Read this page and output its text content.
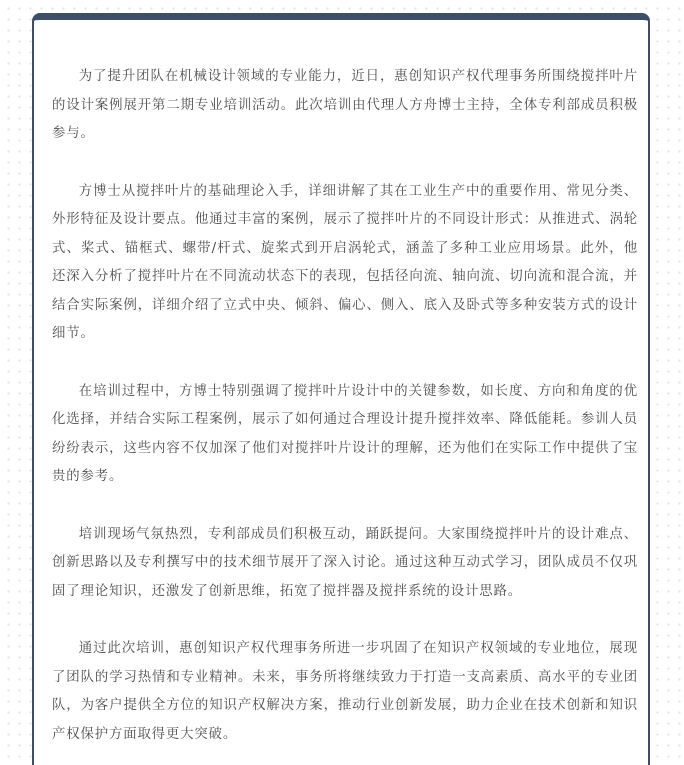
为了提升团队在机械设计领域的专业能力，近日，惠创知识产权代理事务所围绕搅拌叶片的设计案例展开第二期专业培训活动。此次培训由代理人方舟博士主持，全体专利部成员积极参与。

方博士从搅拌叶片的基础理论入手，详细讲解了其在工业生产中的重要作用、常见分类、外形特征及设计要点。他通过丰富的案例，展示了搅拌叶片的不同设计形式：从推进式、涡轮式、桨式、锚框式、螺带/杆式、旋桨式到开启涡轮式，涵盖了多种工业应用场景。此外，他还深入分析了搅拌叶片在不同流动状态下的表现，包括径向流、轴向流、切向流和混合流，并结合实际案例，详细介绍了立式中央、倾斜、偏心、侧入、底入及卧式等多种安装方式的设计细节。

在培训过程中，方博士特别强调了搅拌叶片设计中的关键参数，如长度、方向和角度的优化选择，并结合实际工程案例，展示了如何通过合理设计提升搅拌效率、降低能耗。参训人员纷纷表示，这些内容不仅加深了他们对搅拌叶片设计的理解，还为他们在实际工作中提供了宝贵的参考。

培训现场气氛热烈，专利部成员们积极互动，踊跃提问。大家围绕搅拌叶片的设计难点、创新思路以及专利撰写中的技术细节展开了深入讨论。通过这种互动式学习，团队成员不仅巩固了理论知识，还激发了创新思维，拓宽了搅拌器及搅拌系统的设计思路。

通过此次培训，惠创知识产权代理事务所进一步巩固了在知识产权领域的专业地位，展现了团队的学习热情和专业精神。未来，事务所将继续致力于打造一支高素质、高水平的专业团队，为客户提供全方位的知识产权解决方案，推动行业创新发展，助力企业在技术创新和知识产权保护方面取得更大突破。
